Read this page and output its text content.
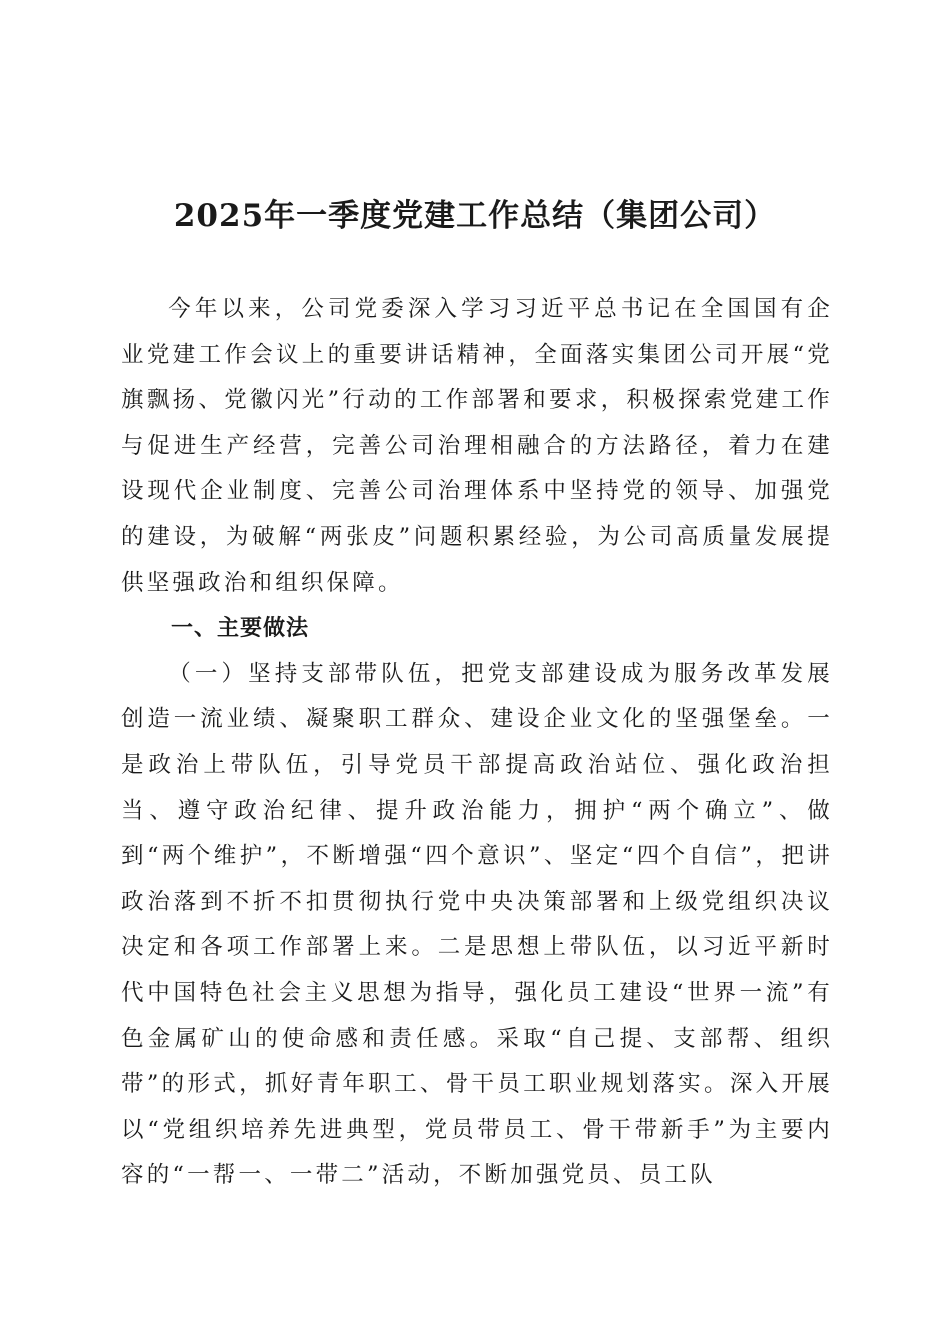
2025年一季度党建工作总结（集团公司）

今年以来，公司党委深入学习习近平总书记在全国国有企业党建工作会议上的重要讲话精神，全面落实集团公司开展“党旗飘扬、党徽闪光”行动的工作部署和要求，积极探索党建工作与促进生产经营，完善公司治理相融合的方法路径，着力在建设现代企业制度、完善公司治理体系中坚持党的领导、加强党的建设，为破解“两张皮”问题积累经验，为公司高质量发展提供坚强政治和组织保障。

一、主要做法

（一）坚持支部带队伍，把党支部建设成为服务改革发展创造一流业绩、凝聚职工群众、建设企业文化的坚强堡垒。一是政治上带队伍，引导党员干部提高政治站位、强化政治担当、遵守政治纪律、提升政治能力，拥护“两个确立”、做到“两个维护”，不断增强“四个意识”、坚定“四个自信”，把讲政治落到不折不扣贯彻执行党中央决策部署和上级党组织决议决定和各项工作部署上来。二是思想上带队伍，以习近平新时代中国特色社会主义思想为指导，强化员工建设“世界一流”有色金属矿山的使命感和责任感。采取“自己提、支部帮、组织带”的形式，抓好青年职工、骨干员工职业规划落实。深入开展以“党组织培养先进典型，党员带员工、骨干带新手”为主要内容的“一帮一、一带二”活动，不断加强党员、员工队
